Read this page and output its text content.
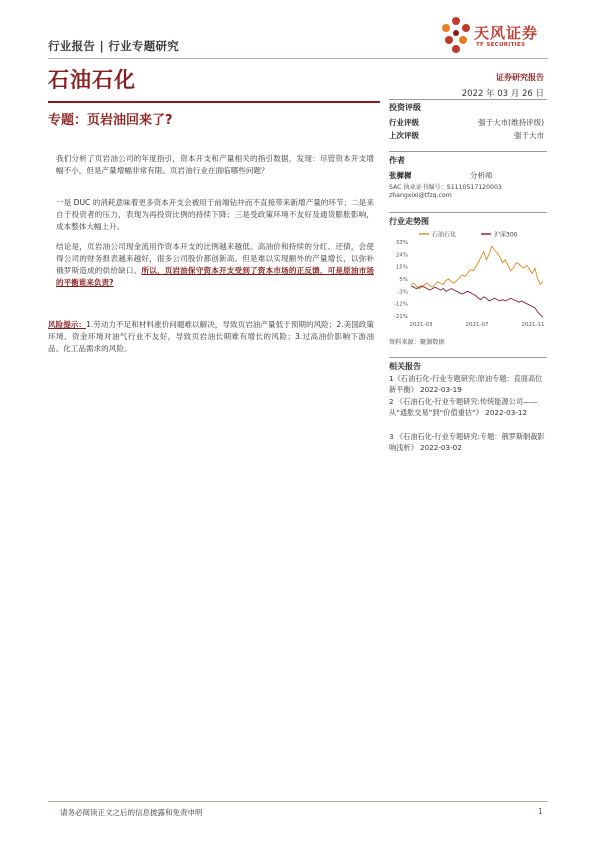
行业报告 | 行业专题研究
天风证券
TF SECURITIES
石油石化	证券研究报告
2022 年 03 月 26 日
专题：页岩油回来了?
投资评级
行业评级	强于大市(维持评级)
上次评级	强于大市
作者
张樨樨	分析师
SAC 执业证书编号：S1110517120003
zhangxixi@tfzq.com
行业走势图
石油石化	沪深300
33%
24%
15%
5%
-3%
-12%
-21%
2021-03	2021-07	2021-11
资料来源：聚源数据
我们分析了页岩油公司的年度指引，资本开支和产量相关的指引数据，发现：尽管资本开支增幅不小，但是产量增幅非常有限。页岩油行业在面临哪些问题？
一是 DUC 的消耗意味着更多资本开支会被用于前端钻井而不直接带来新增产量的环节；二是来自于投资者的压力，表现为再投资比例的持续下降；三是受政策环境不友好及通货膨胀影响，成本整体大幅上升。
结论是，页岩油公司现金流用作资本开支的比例越来越低。高油价和持续的分红、还债，会使得公司的财务报表越来越好，很多公司股价都创新高。但是难以实现额外的产量增长，以弥补俄罗斯造成的供给缺口。所以，页岩油保守资本开支受到了资本市场的正反馈，可是原油市场的平衡谁来负责?
风险提示：1.劳动力不足和材料涨价问题难以解决，导致页岩油产量低于预期的风险；2.美国政策环境、资金环境对油气行业不友好，导致页岩油长期难有增长的风险；3.过高油价影响下游油品、化工品需求的风险。
相关报告
1《石油石化-行业专题研究:原油专题：直面高位新平衡》 2022-03-19
2 《石油石化-行业专题研究:传统能源公司——从“通胀交易”到“价值重估”》 2022-03-12
3 《石油石化-行业专题研究:专题：俄罗斯制裁影响浅析》 2022-03-02
请务必阅读正文之后的信息披露和免责申明	1
